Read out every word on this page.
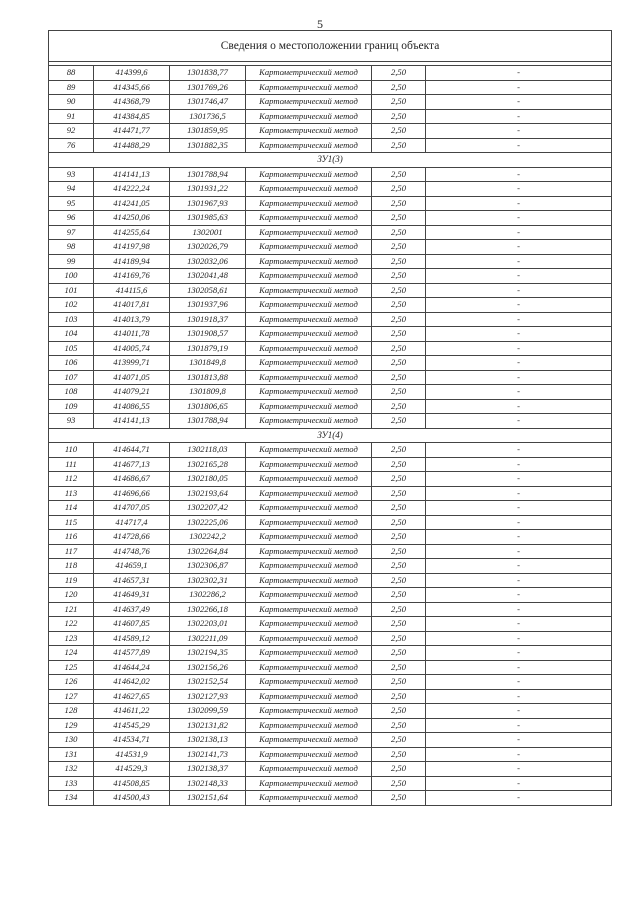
5
Сведения о местоположении границ объекта					

88	414399,6	1301838,77	Картометрический метод	2,50	-
89	414345,66	1301769,26	Картометрический метод	2,50	-
90	414368,79	1301746,47	Картометрический метод	2,50	-
91	414384,85	1301736,5	Картометрический метод	2,50	-
92	414471,77	1301859,95	Картометрический метод	2,50	-
76	414488,29	1301882,35	Картометрический метод	2,50	-
ЗУ1(3)					
93	414141,13	1301788,94	Картометрический метод	2,50	-
94	414222,24	1301931,22	Картометрический метод	2,50	-
95	414241,05	1301967,93	Картометрический метод	2,50	-
96	414250,06	1301985,63	Картометрический метод	2,50	-
97	414255,64	1302001	Картометрический метод	2,50	-
98	414197,98	1302026,79	Картометрический метод	2,50	-
99	414189,94	1302032,06	Картометрический метод	2,50	-
100	414169,76	1302041,48	Картометрический метод	2,50	-
101	414115,6	1302058,61	Картометрический метод	2,50	-
102	414017,81	1301937,96	Картометрический метод	2,50	-
103	414013,79	1301918,37	Картометрический метод	2,50	-
104	414011,78	1301908,57	Картометрический метод	2,50	-
105	414005,74	1301879,19	Картометрический метод	2,50	-
106	413999,71	1301849,8	Картометрический метод	2,50	-
107	414071,05	1301813,88	Картометрический метод	2,50	-
108	414079,21	1301809,8	Картометрический метод	2,50	-
109	414086,55	1301806,65	Картометрический метод	2,50	-
93	414141,13	1301788,94	Картометрический метод	2,50	-
ЗУ1(4)					
110	414644,71	1302118,03	Картометрический метод	2,50	-
111	414677,13	1302165,28	Картометрический метод	2,50	-
112	414686,67	1302180,05	Картометрический метод	2,50	-
113	414696,66	1302193,64	Картометрический метод	2,50	-
114	414707,05	1302207,42	Картометрический метод	2,50	-
115	414717,4	1302225,06	Картометрический метод	2,50	-
116	414728,66	1302242,2	Картометрический метод	2,50	-
117	414748,76	1302264,84	Картометрический метод	2,50	-
118	414659,1	1302306,87	Картометрический метод	2,50	-
119	414657,31	1302302,31	Картометрический метод	2,50	-
120	414649,31	1302286,2	Картометрический метод	2,50	-
121	414637,49	1302266,18	Картометрический метод	2,50	-
122	414607,85	1302203,01	Картометрический метод	2,50	-
123	414589,12	1302211,09	Картометрический метод	2,50	-
124	414577,89	1302194,35	Картометрический метод	2,50	-
125	414644,24	1302156,26	Картометрический метод	2,50	-
126	414642,02	1302152,54	Картометрический метод	2,50	-
127	414627,65	1302127,93	Картометрический метод	2,50	-
128	414611,22	1302099,59	Картометрический метод	2,50	-
129	414545,29	1302131,82	Картометрический метод	2,50	-
130	414534,71	1302138,13	Картометрический метод	2,50	-
131	414531,9	1302141,73	Картометрический метод	2,50	-
132	414529,3	1302138,37	Картометрический метод	2,50	-
133	414508,85	1302148,33	Картометрический метод	2,50	-
134	414500,43	1302151,64	Картометрический метод	2,50	-
